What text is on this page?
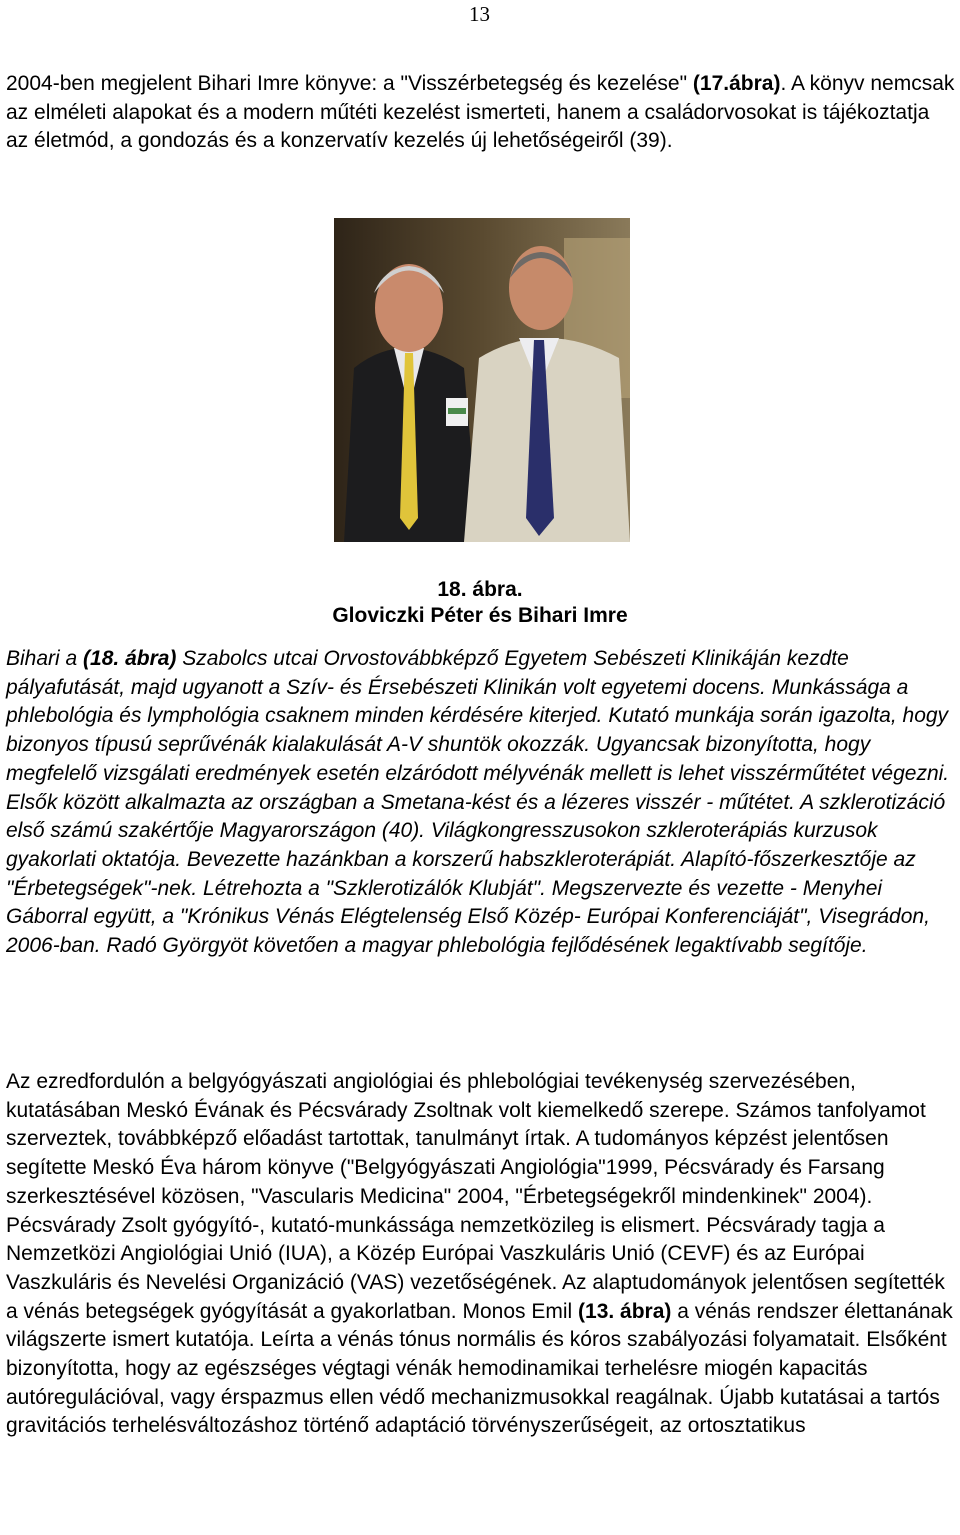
13

2004-ben megjelent Bihari Imre könyve: a "Visszérbetegség és kezelése" (17.ábra). A könyv nemcsak az elméleti alapokat és a modern műtéti kezelést ismerteti, hanem a családorvosokat is tájékoztatja az életmód, a gondozás és a konzervatív kezelés új lehetőségeiről (39).

18. ábra.

Gloviczki Péter és Bihari Imre

Bihari a (18. ábra) Szabolcs utcai Orvostovábbképző Egyetem Sebészeti Klinikáján kezdte pályafutását, majd ugyanott a Szív- és Érsebészeti Klinikán volt egyetemi docens. Munkássága a phlebológia és lymphológia csaknem minden kérdésére kiterjed. Kutató munkája során igazolta, hogy bizonyos típusú seprűvénák kialakulását A-V shuntök okozzák. Ugyancsak bizonyította, hogy megfelelő vizsgálati eredmények esetén elzáródott mélyvénák mellett is lehet visszérműtétet végezni. Elsők között alkalmazta az országban a Smetana-kést és a lézeres visszér - műtétet. A szklerotizáció első számú szakértője Magyarországon (40). Világkongresszusokon szkleroterápiás kurzusok gyakorlati oktatója. Bevezette hazánkban a korszerű habszkleroterápiát. Alapító-főszerkesztője az "Érbetegségek"-nek. Létrehozta a "Szklerotizálók Klubját". Megszervezte és vezette - Menyhei Gáborral együtt, a "Krónikus Vénás Elégtelenség Első Közép- Európai Konferenciáját", Visegrádon, 2006-ban. Radó Györgyöt követően a magyar phlebológia fejlődésének legaktívabb segítője.

Az ezredfordulón a belgyógyászati angiológiai és phlebológiai tevékenység szervezésében, kutatásában Meskó Évának és Pécsvárady Zsoltnak volt kiemelkedő szerepe. Számos tanfolyamot szerveztek, továbbképző előadást tartottak, tanulmányt írtak. A tudományos képzést jelentősen segítette Meskó Éva három könyve ("Belgyógyászati Angiológia"1999, Pécsvárady és Farsang szerkesztésével közösen, "Vascularis Medicina" 2004, "Érbetegségekről mindenkinek" 2004). Pécsvárady Zsolt gyógyító-, kutató-munkássága nemzetközileg is elismert. Pécsvárady tagja a Nemzetközi Angiológiai Unió (IUA), a Közép Európai Vaszkuláris Unió (CEVF) és az Európai Vaszkuláris és Nevelési Organizáció (VAS) vezetőségének. Az alaptudományok jelentősen segítették a vénás betegségek gyógyítását a gyakorlatban. Monos Emil (13. ábra) a vénás rendszer élettanának világszerte ismert kutatója. Leírta a vénás tónus normális és kóros szabályozási folyamatait. Elsőként bizonyította, hogy az egészséges végtagi vénák hemodinamikai terhelésre miogén kapacitás autóregulációval, vagy érspazmus ellen védő mechanizmusokkal reagálnak. Újabb kutatásai a tartós gravitációs terhelésváltozáshoz történő adaptáció törvényszerűségeit, az ortosztatikus
